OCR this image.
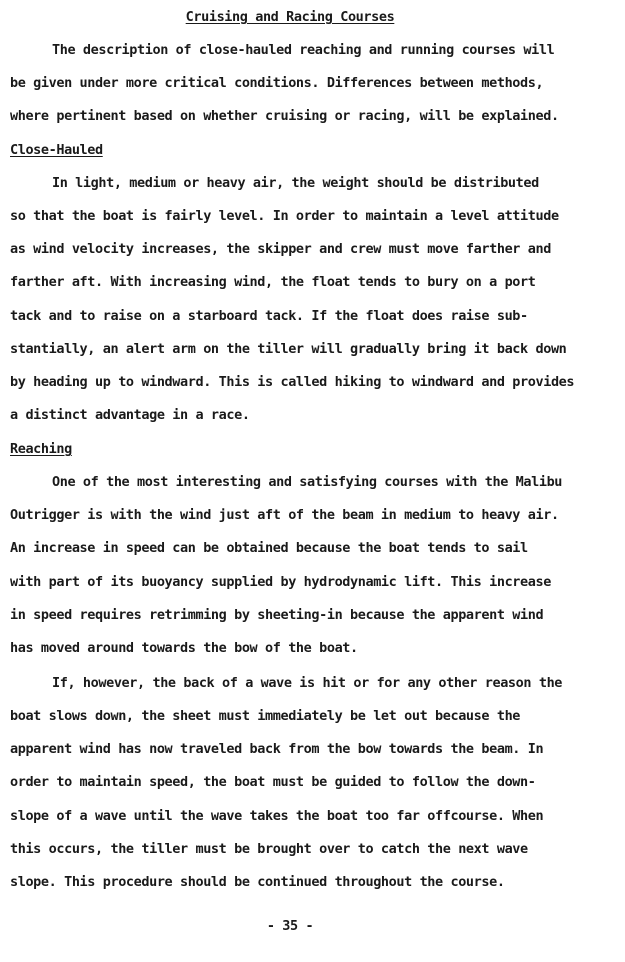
Cruising and Racing Courses
The description of close-hauled reaching and running courses will
be given under more critical conditions. Differences between methods,
where pertinent based on whether cruising or racing, will be explained.
Close-Hauled
In light, medium or heavy air, the weight should be distributed
so that the boat is fairly level. In order to maintain a level attitude
as wind velocity increases, the skipper and crew must move farther and
farther aft. With increasing wind, the float tends to bury on a port
tack and to raise on a starboard tack. If the float does raise sub-
stantially, an alert arm on the tiller will gradually bring it back down
by heading up to windward. This is called hiking to windward and provides
a distinct advantage in a race.
Reaching
One of the most interesting and satisfying courses with the Malibu
Outrigger is with the wind just aft of the beam in medium to heavy air.
An increase in speed can be obtained because the boat tends to sail
with part of its buoyancy supplied by hydrodynamic lift. This increase
in speed requires retrimming by sheeting-in because the apparent wind
has moved around towards the bow of the boat.
If, however, the back of a wave is hit or for any other reason the
boat slows down, the sheet must immediately be let out because the
apparent wind has now traveled back from the bow towards the beam. In
order to maintain speed, the boat must be guided to follow the down-
slope of a wave until the wave takes the boat too far offcourse. When
this occurs, the tiller must be brought over to catch the next wave
slope. This procedure should be continued throughout the course.
- 35 -
